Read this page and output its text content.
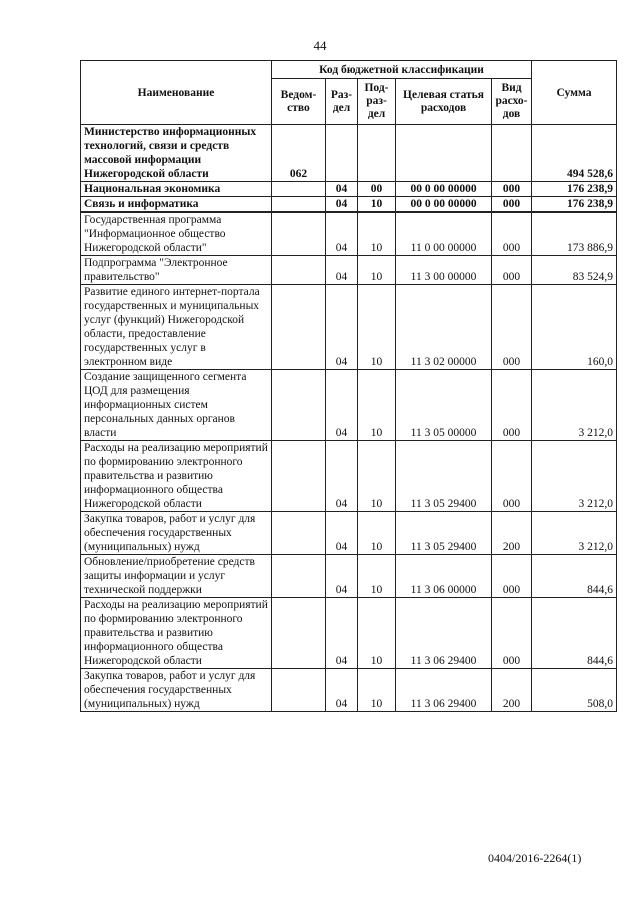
44
Наименование	Код бюджетной классификации					Сумма
	Ведом-ство	Раз-дел	Под-раз-дел	Целевая статья расходов	Вид расхо-дов	
Министерство информационных технологий, связи и средств массовой информации Нижегородской области	062					494 528,6
Национальная экономика		04	00	00 0 00 00000	000	176 238,9
Связь и информатика		04	10	00 0 00 00000	000	176 238,9
Государственная программа "Информационное общество Нижегородской области"		04	10	11 0 00 00000	000	173 886,9
Подпрограмма "Электронное правительство"		04	10	11 3 00 00000	000	83 524,9
Развитие единого интернет-портала государственных и муниципальных услуг (функций) Нижегородской области, предоставление государственных услуг в электронном виде		04	10	11 3 02 00000	000	160,0
Создание защищенного сегмента ЦОД для размещения информационных систем персональных данных органов власти		04	10	11 3 05 00000	000	3 212,0
Расходы на реализацию мероприятий по формированию электронного правительства и развитию информационного общества Нижегородской области		04	10	11 3 05 29400	000	3 212,0
Закупка товаров, работ и услуг для обеспечения государственных (муниципальных) нужд		04	10	11 3 05 29400	200	3 212,0
Обновление/приобретение средств защиты информации и услуг технической поддержки		04	10	11 3 06 00000	000	844,6
Расходы на реализацию мероприятий по формированию электронного правительства и развитию информационного общества Нижегородской области		04	10	11 3 06 29400	000	844,6
Закупка товаров, работ и услуг для обеспечения государственных (муниципальных) нужд		04	10	11 3 06 29400	200	508,0
0404/2016-2264(1)
